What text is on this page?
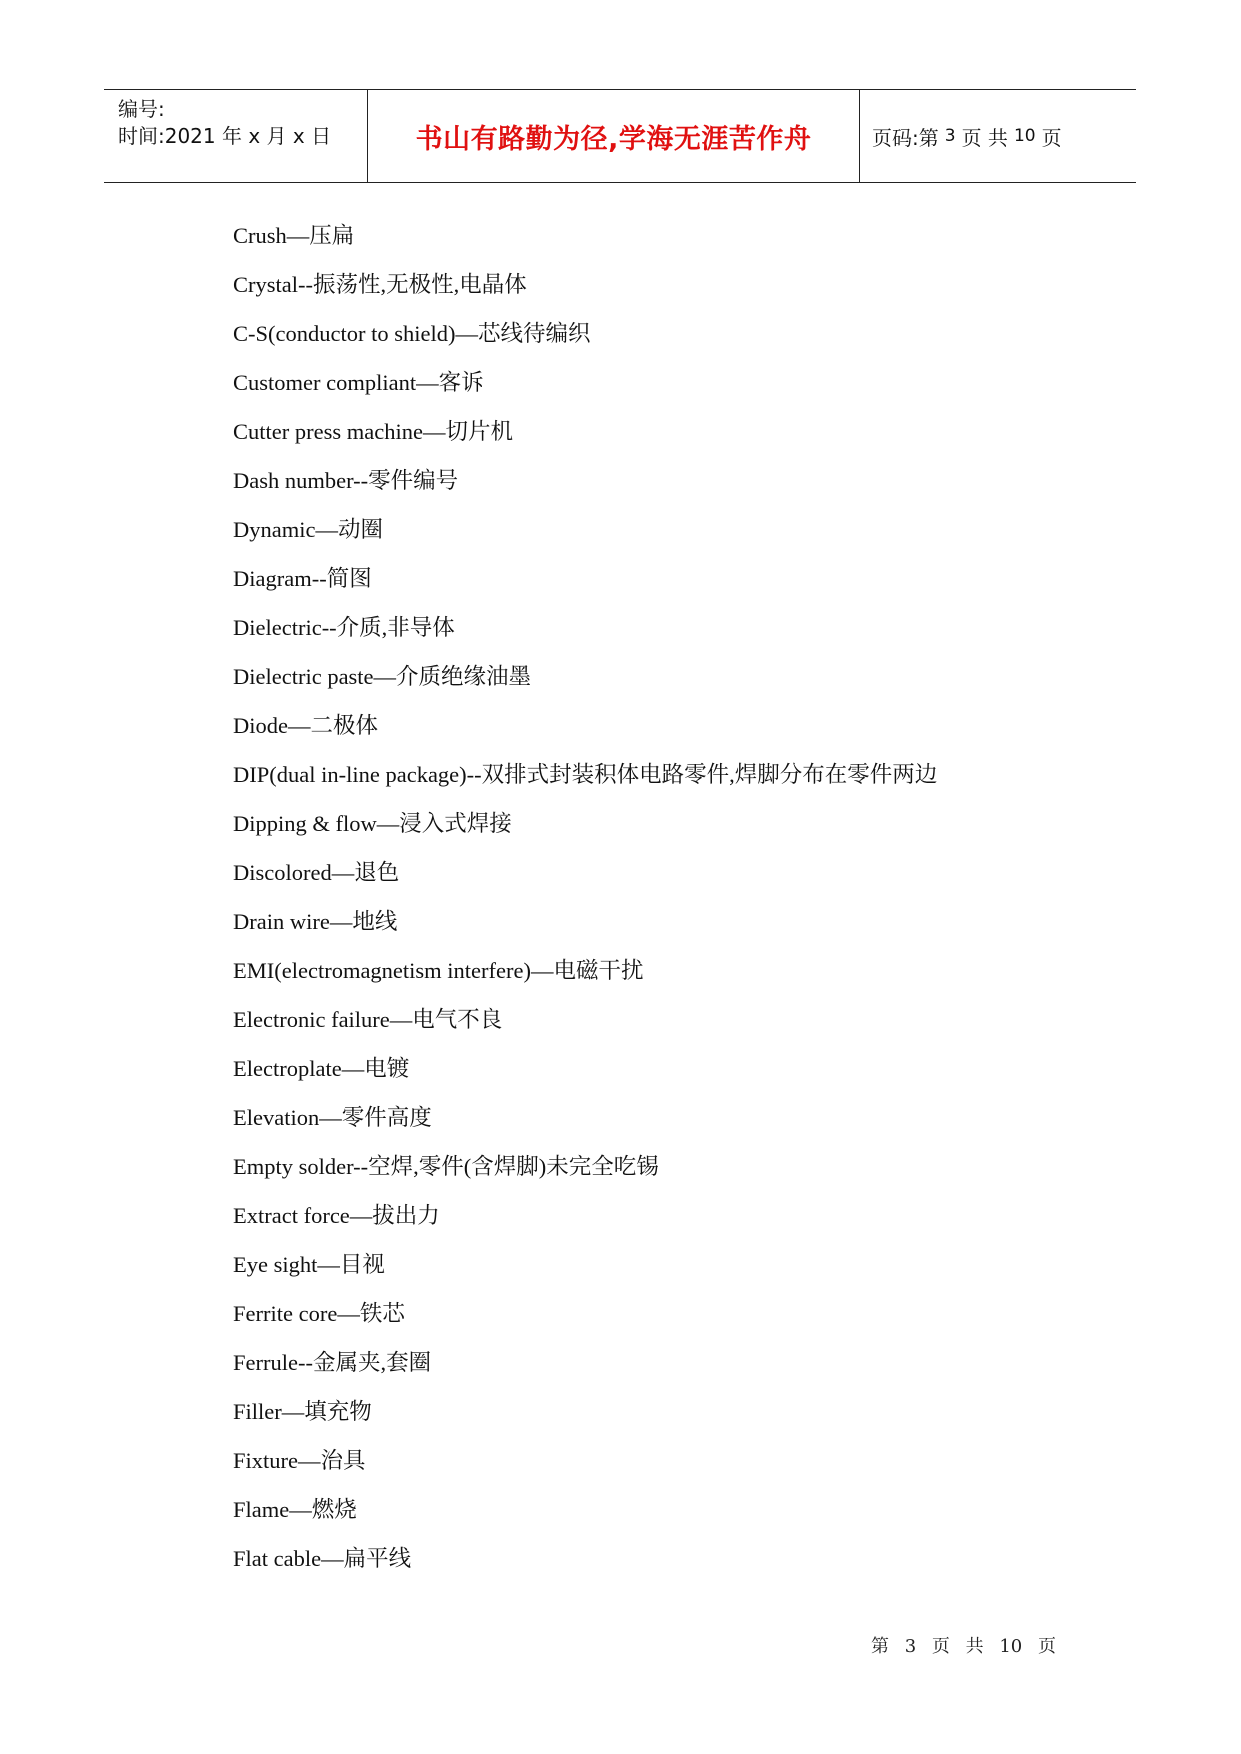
编号:
时间:2021 年 x 月 x 日	书山有路勤为径,学海无涯苦作舟	页码:第 3 页 共 10 页
Crush—压扁
Crystal--振荡性,无极性,电晶体
C-S(conductor to shield)—芯线待编织
Customer compliant—客诉
Cutter press machine—切片机
Dash number--零件编号
Dynamic—动圈
Diagram--简图
Dielectric--介质,非导体
Dielectric paste—介质绝缘油墨
Diode—二极体
DIP(dual in-line package)--双排式封装积体电路零件,焊脚分布在零件两边
Dipping & flow—浸入式焊接
Discolored—退色
Drain wire—地线
EMI(electromagnetism interfere)—电磁干扰
Electronic failure—电气不良
Electroplate—电镀
Elevation—零件高度
Empty solder--空焊,零件(含焊脚)未完全吃锡
Extract force—拔出力
Eye sight—目视
Ferrite core—铁芯
Ferrule--金属夹,套圈
Filler—填充物
Fixture—治具
Flame—燃烧
Flat cable—扁平线
第 3 页 共 10 页
